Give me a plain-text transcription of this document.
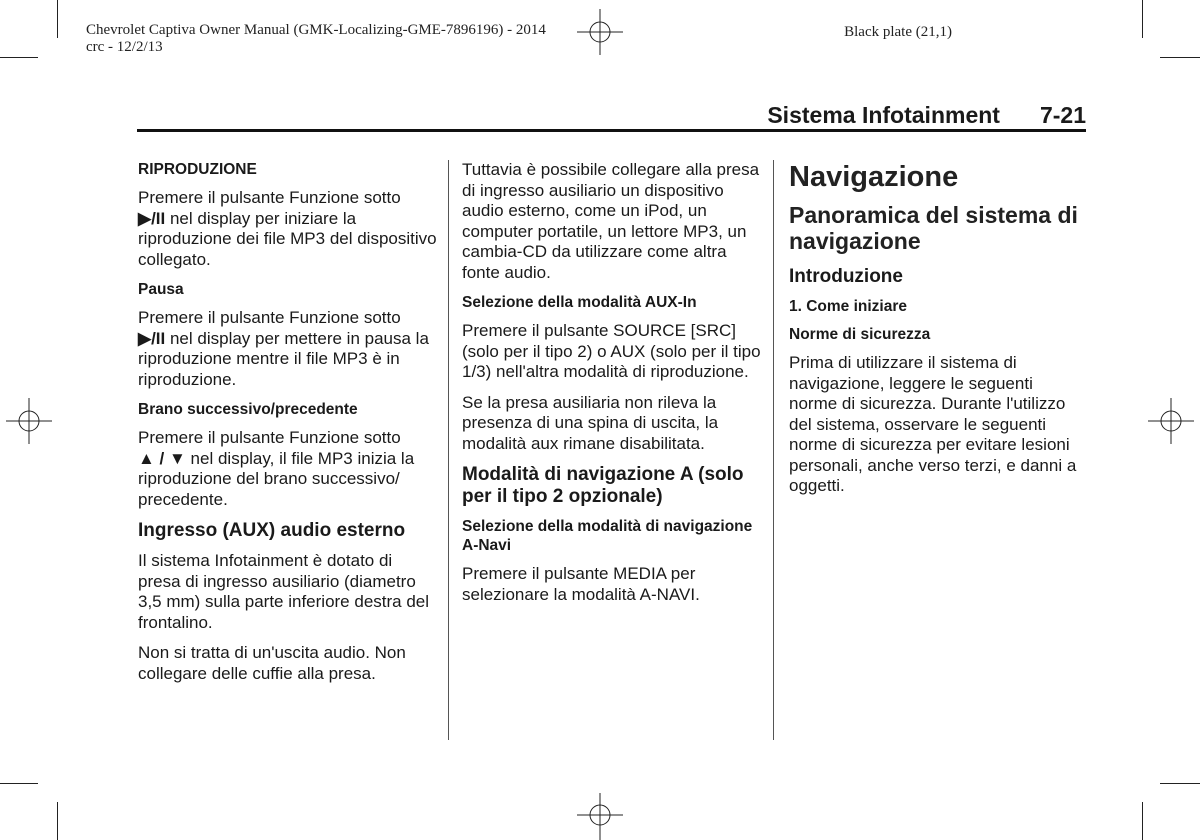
Chevrolet Captiva Owner Manual (GMK-Localizing-GME-7896196) - 2014
crc - 12/2/13
Black plate (21,1)
Sistema Infotainment 7-21
RIPRODUZIONE

Premere il pulsante Funzione sotto
▶/II nel display per iniziare la riproduzione dei file MP3 del dispositivo collegato.

Pausa

Premere il pulsante Funzione sotto
▶/II nel display per mettere in pausa la riproduzione mentre il file MP3 è in riproduzione.

Brano successivo/precedente

Premere il pulsante Funzione sotto
▲ / ▼ nel display, il file MP3 inizia la riproduzione del brano successivo/ precedente.

Ingresso (AUX) audio esterno

Il sistema Infotainment è dotato di presa di ingresso ausiliario (diametro 3,5 mm) sulla parte inferiore destra del frontalino.

Non si tratta di un'uscita audio. Non collegare delle cuffie alla presa.

Tuttavia è possibile collegare alla presa di ingresso ausiliario un dispositivo audio esterno, come un iPod, un computer portatile, un lettore MP3, un cambia-CD da utilizzare come altra fonte audio.

Selezione della modalità AUX-In

Premere il pulsante SOURCE [SRC] (solo per il tipo 2) o AUX (solo per il tipo 1/3) nell'altra modalità di riproduzione.

Se la presa ausiliaria non rileva la presenza di una spina di uscita, la modalità aux rimane disabilitata.

Modalità di navigazione A (solo per il tipo 2 opzionale)
Selezione della modalità di navigazione A-Navi

Premere il pulsante MEDIA per selezionare la modalità A-NAVI.

Navigazione
Panoramica del sistema di navigazione
Introduzione
1. Come iniziare
Norme di sicurezza

Prima di utilizzare il sistema di navigazione, leggere le seguenti norme di sicurezza. Durante l'utilizzo del sistema, osservare le seguenti norme di sicurezza per evitare lesioni personali, anche verso terzi, e danni a oggetti.
